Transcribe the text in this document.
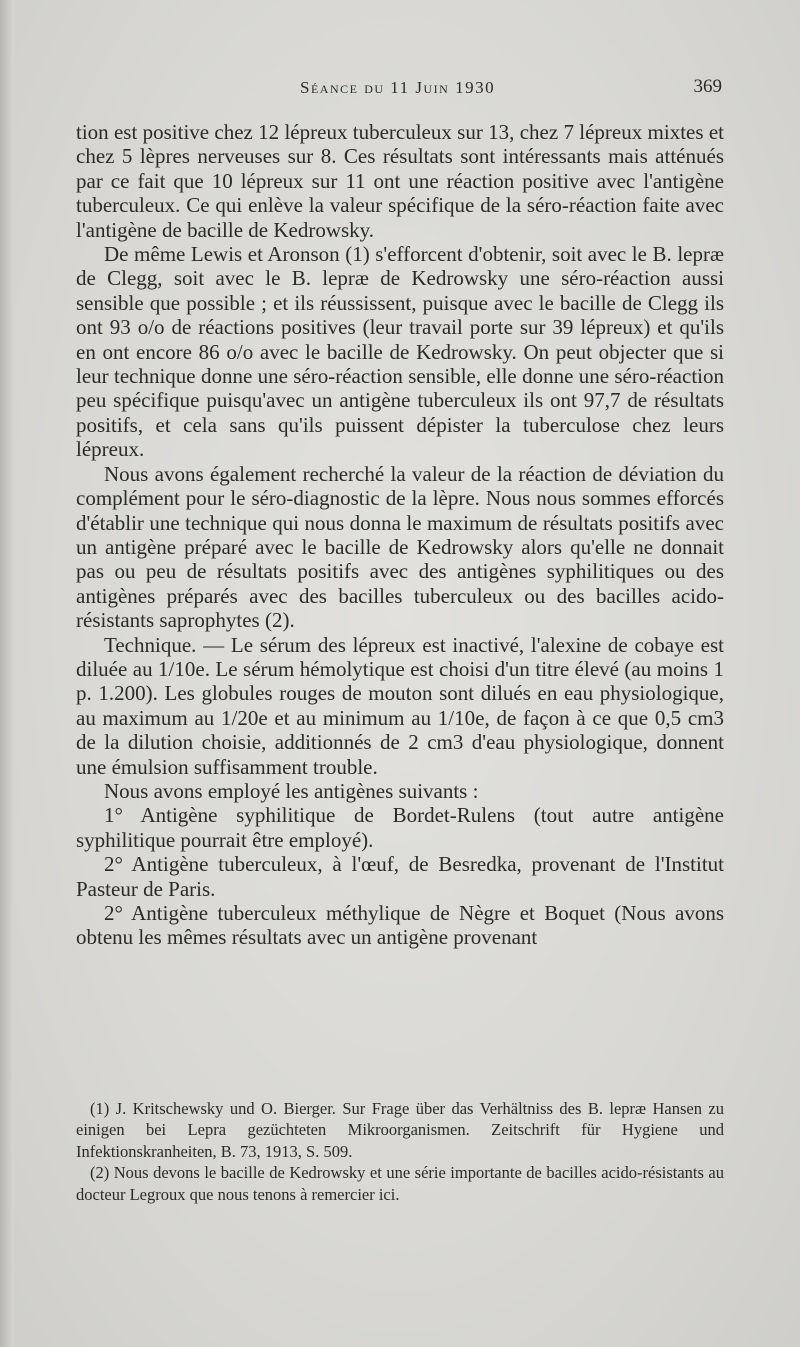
Séance du 11 Juin 1930	369

tion est positive chez 12 lépreux tuberculeux sur 13, chez 7 lépreux mixtes et chez 5 lèpres nerveuses sur 8. Ces résultats sont intéressants mais atténués par ce fait que 10 lépreux sur 11 ont une réaction positive avec l'antigène tuberculeux. Ce qui enlève la valeur spécifique de la séro-réaction faite avec l'antigène de bacille de Kedrowsky.

De même Lewis et Aronson (1) s'efforcent d'obtenir, soit avec le B. lepræ de Clegg, soit avec le B. lepræ de Kedrowsky une séro-réaction aussi sensible que possible ; et ils réussissent, puisque avec le bacille de Clegg ils ont 93 o/o de réactions positives (leur travail porte sur 39 lépreux) et qu'ils en ont encore 86 o/o avec le bacille de Kedrowsky. On peut objecter que si leur technique donne une séro-réaction sensible, elle donne une séro-réaction peu spécifique puisqu'avec un antigène tuberculeux ils ont 97,7 de résultats positifs, et cela sans qu'ils puissent dépister la tuberculose chez leurs lépreux.

Nous avons également recherché la valeur de la réaction de déviation du complément pour le séro-diagnostic de la lèpre. Nous nous sommes efforcés d'établir une technique qui nous donna le maximum de résultats positifs avec un antigène préparé avec le bacille de Kedrowsky alors qu'elle ne donnait pas ou peu de résultats positifs avec des antigènes syphilitiques ou des antigènes préparés avec des bacilles tuberculeux ou des bacilles acido-résistants saprophytes (2).

Technique. — Le sérum des lépreux est inactivé, l'alexine de cobaye est diluée au 1/10e. Le sérum hémolytique est choisi d'un titre élevé (au moins 1 p. 1.200). Les globules rouges de mouton sont dilués en eau physiologique, au maximum au 1/20e et au minimum au 1/10e, de façon à ce que 0,5 cm3 de la dilution choisie, additionnés de 2 cm3 d'eau physiologique, donnent une émulsion suffisamment trouble.

Nous avons employé les antigènes suivants :

1° Antigène syphilitique de Bordet-Rulens (tout autre antigène syphilitique pourrait être employé).

2° Antigène tuberculeux, à l'œuf, de Besredka, provenant de l'Institut Pasteur de Paris.

2° Antigène tuberculeux méthylique de Nègre et Boquet (Nous avons obtenu les mêmes résultats avec un antigène provenant

(1) J. Kritschewsky und O. Bierger. Sur Frage über das Verhältniss des B. lepræ Hansen zu einigen bei Lepra gezüchteten Mikroorganismen. Zeitschrift für Hygiene und Infektionskranheiten, B. 73, 1913, S. 509.

(2) Nous devons le bacille de Kedrowsky et une série importante de bacilles acido-résistants au docteur Legroux que nous tenons à remercier ici.
